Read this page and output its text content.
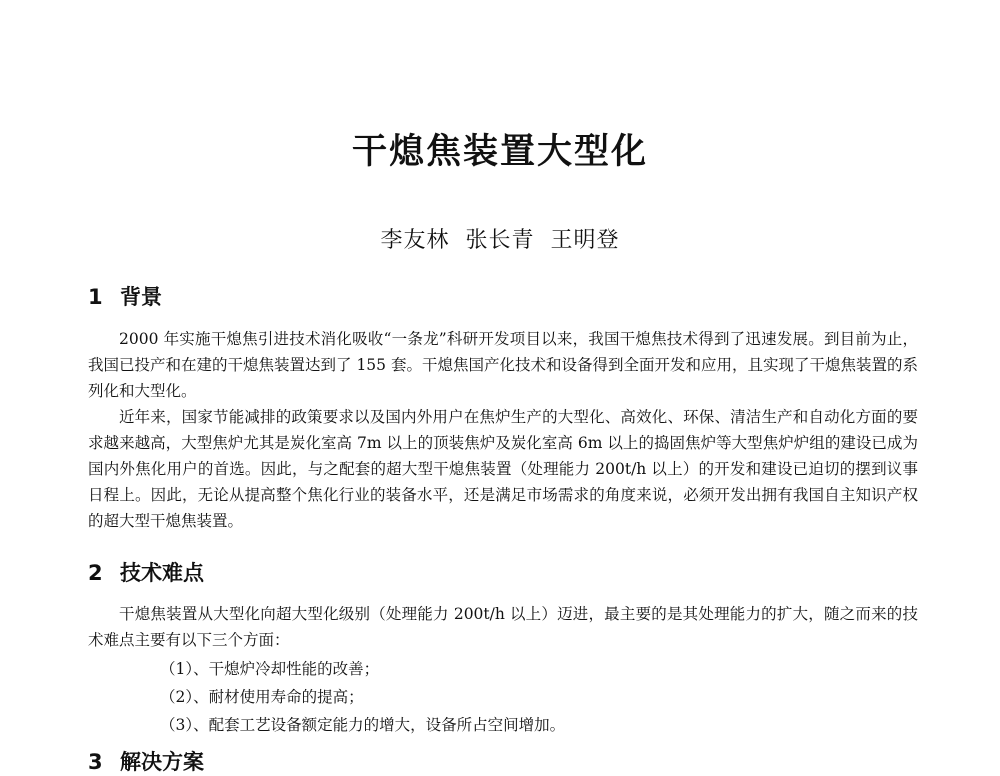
干熄焦装置大型化
李友林  张长青  王明登
1 背景

2000 年实施干熄焦引进技术消化吸收“一条龙”科研开发项目以来，我国干熄焦技术得到了迅速发展。到目前为止，我国已投产和在建的干熄焦装置达到了 155 套。干熄焦国产化技术和设备得到全面开发和应用，且实现了干熄焦装置的系列化和大型化。

近年来，国家节能减排的政策要求以及国内外用户在焦炉生产的大型化、高效化、环保、清洁生产和自动化方面的要求越来越高，大型焦炉尤其是炭化室高 7m 以上的顶装焦炉及炭化室高 6m 以上的捣固焦炉等大型焦炉炉组的建设已成为国内外焦化用户的首选。因此，与之配套的超大型干熄焦装置（处理能力 200t/h 以上）的开发和建设已迫切的摆到议事日程上。因此，无论从提高整个焦化行业的装备水平，还是满足市场需求的角度来说，必须开发出拥有我国自主知识产权的超大型干熄焦装置。

2 技术难点

干熄焦装置从大型化向超大型化级别（处理能力 200t/h 以上）迈进，最主要的是其处理能力的扩大，随之而来的技术难点主要有以下三个方面：

（1）、干熄炉冷却性能的改善；
（2）、耐材使用寿命的提高；
（3）、配套工艺设备额定能力的增大，设备所占空间增加。
3 解决方案
